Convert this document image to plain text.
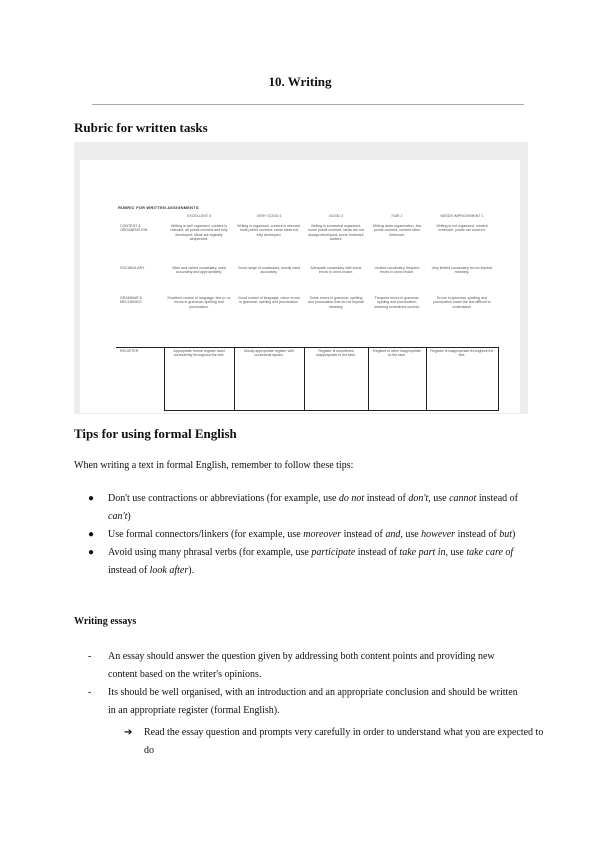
10. Writing
Rubric for written tasks
RUBRIC FOR WRITTEN ASSIGNMENTS
	EXCELLENT 5	VERY GOOD 4	GOOD 3	FAIR 2	NEEDS IMPROVEMENT 1
CONTENT & ORGANISATION	Writing is well organised, content is relevant, all points covered and fully developed; ideas are logically sequenced.	Writing is organised, content is relevant, most points covered; some ideas not fully developed.	Writing is somewhat organised, some points covered; ideas are not always developed; some irrelevant content.	Writing lacks organisation, few points covered, content often irrelevant.	Writing is not organised, content irrelevant, points not covered.
VOCABULARY	Wide and varied vocabulary, used accurately and appropriately.	Good range of vocabulary, mostly used accurately.	Adequate vocabulary with some errors in word choice.	Limited vocabulary, frequent errors in word choice.	Very limited vocabulary, errors impede meaning.
GRAMMAR & MECHANICS	Excellent control of language; few or no errors in grammar, spelling and punctuation.	Good control of language; minor errors in grammar, spelling and punctuation.	Some errors in grammar, spelling and punctuation that do not impede meaning.	Frequent errors in grammar, spelling and punctuation; meaning sometimes unclear.	Errors in grammar, spelling and punctuation make the text difficult to understand.
REGISTER	Appropriate formal register used consistently throughout the text.	Mostly appropriate register with occasional lapses.	Register is sometimes inappropriate to the task.	Register is often inappropriate to the task.	Register is inappropriate throughout the text.
Tips for using formal English
When writing a text in formal English, remember to follow these tips:
● Don't use contractions or abbreviations (for example, use do not instead of don't, use cannot instead of can't)
● Use formal connectors/linkers (for example, use moreover instead of and, use however instead of but)
● Avoid using many phrasal verbs (for example, use participate instead of take part in, use take care of instead of look after).
Writing essays
- An essay should answer the question given by addressing both content points and providing new content based on the writer's opinions.
- Its should be well organised, with an introduction and an appropriate conclusion and should be written in an appropriate register (formal English).
➔ Read the essay question and prompts very carefully in order to understand what you are expected to do
